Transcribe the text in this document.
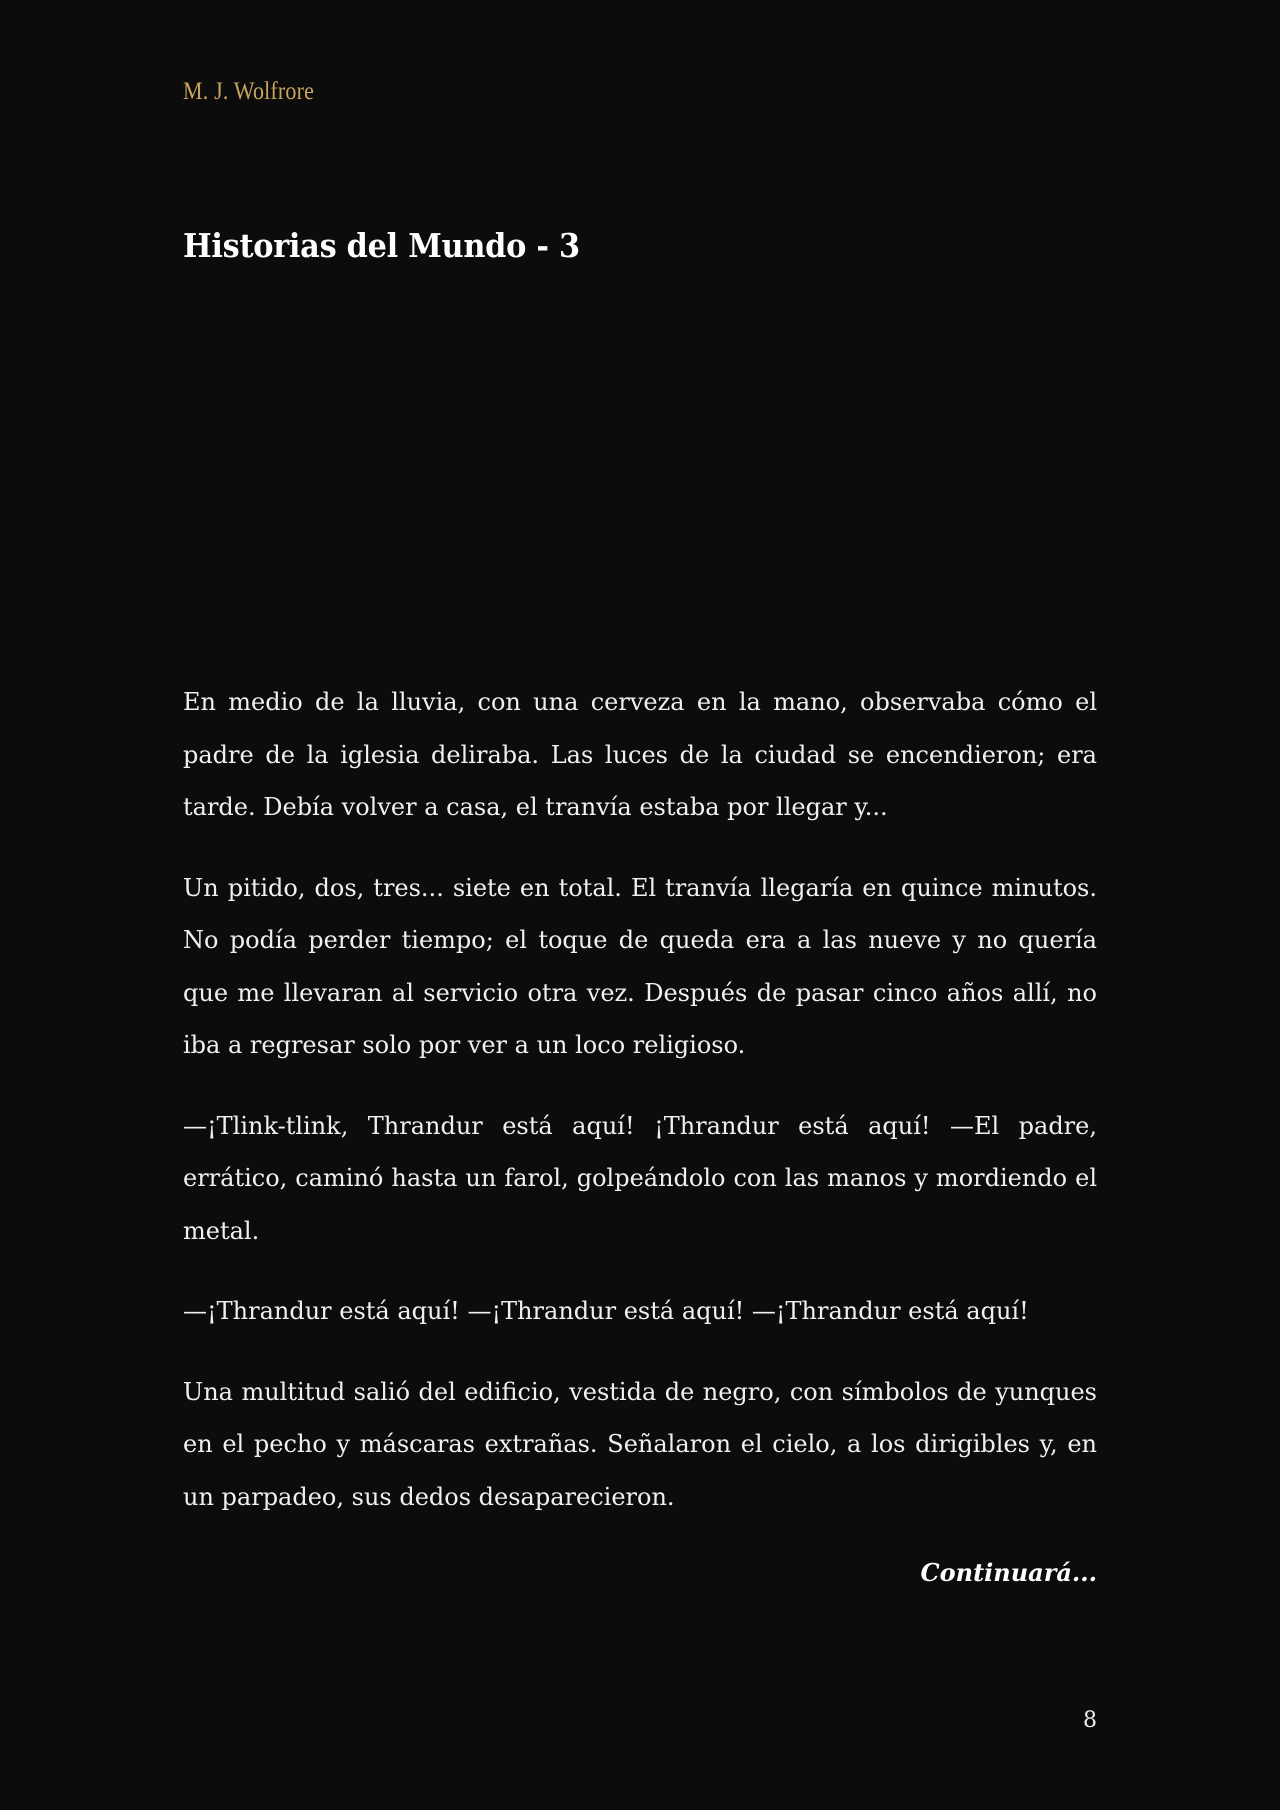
M. J. Wolfrore
Historias del Mundo - 3

En medio de la lluvia, con una cerveza en la mano, observaba cómo el padre de la iglesia deliraba. Las luces de la ciudad se encendieron; era tarde. Debía volver a casa, el tranvía estaba por llegar y...

Un pitido, dos, tres... siete en total. El tranvía llegaría en quince minutos. No podía perder tiempo; el toque de queda era a las nueve y no quería que me llevaran al servicio otra vez. Después de pasar cinco años allí, no iba a regresar solo por ver a un loco religioso.

—¡Tlink-tlink, Thrandur está aquí! ¡Thrandur está aquí! —El padre, errático, caminó hasta un farol, golpeándolo con las manos y mordiendo el metal.

—¡Thrandur está aquí! —¡Thrandur está aquí! —¡Thrandur está aquí!

Una multitud salió del edificio, vestida de negro, con símbolos de yunques en el pecho y máscaras extrañas. Señalaron el cielo, a los dirigibles y, en un parpadeo, sus dedos desaparecieron.

Continuará...
8
